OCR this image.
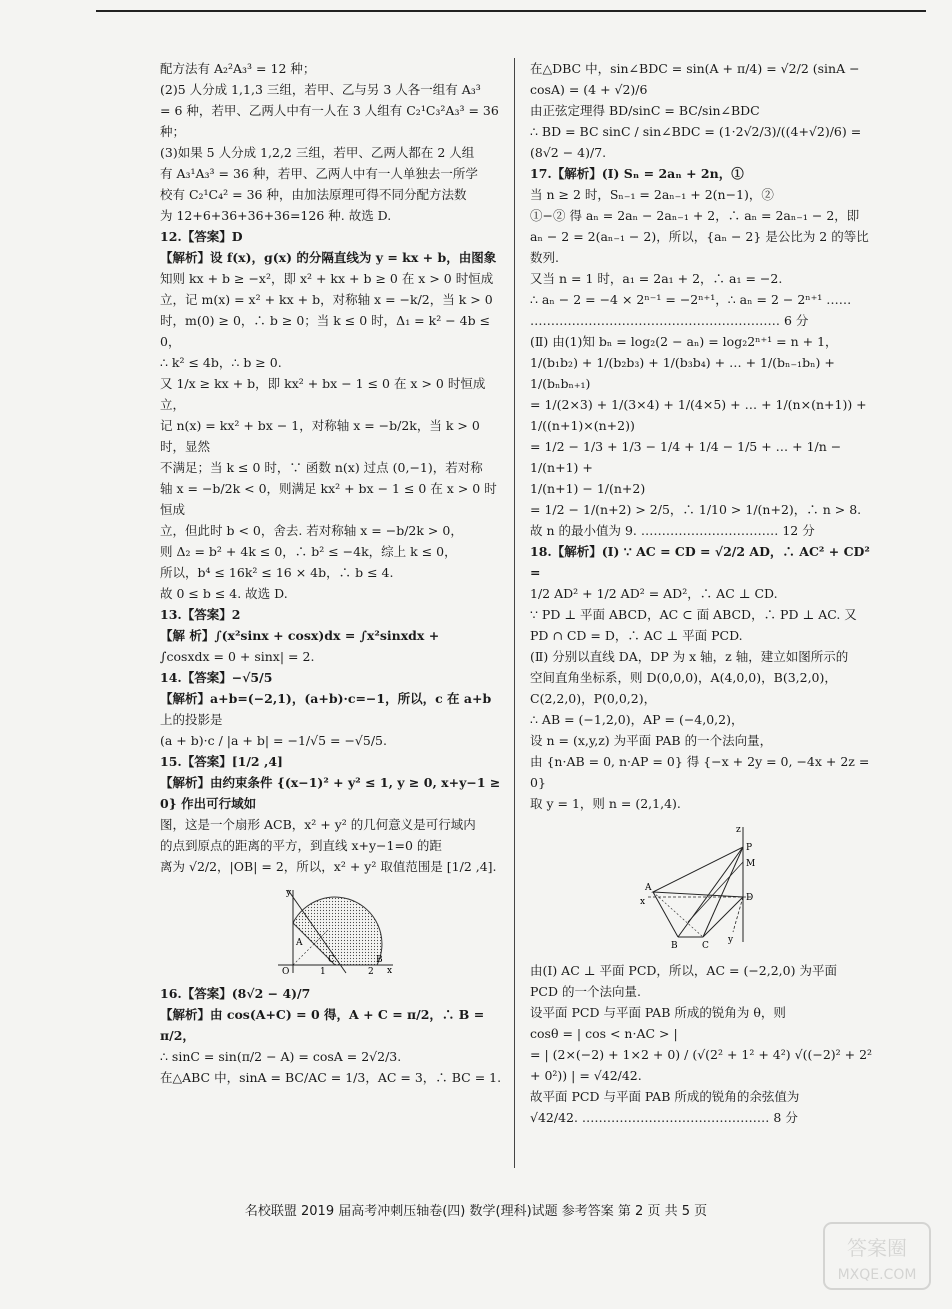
配方法有 A₂²A₃³ = 12 种；

(2)5 人分成 1,1,3 三组，若甲、乙与另 3 人各一组有 A₃³

= 6 种，若甲、乙两人中有一人在 3 人组有 C₂¹C₃²A₃³ = 36

种；

(3)如果 5 人分成 1,2,2 三组，若甲、乙两人都在 2 人组

有 A₃¹A₃³ = 36 种，若甲、乙两人中有一人单独去一所学

校有 C₂¹C₄² = 36 种，由加法原理可得不同分配方法数

为 12+6+36+36+36=126 种. 故选 D.

12.【答案】D

【解析】设 f(x)，g(x) 的分隔直线为 y = kx + b，由图象

知则 kx + b ≥ −x²，即 x² + kx + b ≥ 0 在 x > 0 时恒成

立，记 m(x) = x² + kx + b，对称轴 x = −k/2，当 k > 0

时，m(0) ≥ 0，∴ b ≥ 0；当 k ≤ 0 时，Δ₁ = k² − 4b ≤ 0，

∴ k² ≤ 4b，∴ b ≥ 0.

又 1/x ≥ kx + b，即 kx² + bx − 1 ≤ 0 在 x > 0 时恒成立，

记 n(x) = kx² + bx − 1，对称轴 x = −b/2k，当 k > 0 时，显然

不满足；当 k ≤ 0 时，∵ 函数 n(x) 过点 (0,−1)，若对称

轴 x = −b/2k < 0，则满足 kx² + bx − 1 ≤ 0 在 x > 0 时恒成

立，但此时 b < 0，舍去. 若对称轴 x = −b/2k > 0，

则 Δ₂ = b² + 4k ≤ 0，∴ b² ≤ −4k，综上 k ≤ 0，

所以，b⁴ ≤ 16k² ≤ 16 × 4b，∴ b ≤ 4.

故 0 ≤ b ≤ 4. 故选 D.

13.【答案】2

【解 析】∫(x²sinx + cosx)dx = ∫x²sinxdx +

∫cosxdx = 0 + sinx| = 2.

14.【答案】−√5/5

【解析】a+b=(−2,1)，(a+b)·c=−1，所以，c 在 a+b

上的投影是

(a + b)·c / |a + b| = −1/√5 = −√5/5.

15.【答案】[1/2 ,4]

【解析】由约束条件 {(x−1)² + y² ≤ 1, y ≥ 0, x+y−1 ≥ 0} 作出可行域如

图，这是一个扇形 ACB，x² + y² 的几何意义是可行域内

的点到原点的距离的平方，到直线 x+y−1=0 的距

离为 √2/2，|OB| = 2，所以，x² + y² 取值范围是 [1/2 ,4].

y
x
O
A
C
1	2
B

16.【答案】(8√2 − 4)/7

【解析】由 cos(A+C) = 0 得，A + C = π/2，∴ B = π/2，

∴ sinC = sin(π/2 − A) = cosA = 2√2/3.

在△ABC 中，sinA = BC/AC = 1/3，AC = 3，∴ BC = 1.

在△DBC 中，sin∠BDC = sin(A + π/4) = √2/2 (sinA −

cosA) = (4 + √2)/6

由正弦定理得 BD/sinC = BC/sin∠BDC

∴ BD = BC sinC / sin∠BDC = (1·2√2/3)/((4+√2)/6) = (8√2 − 4)/7.

17.【解析】(Ⅰ) Sₙ = 2aₙ + 2n，①

当 n ≥ 2 时，Sₙ₋₁ = 2aₙ₋₁ + 2(n−1)，②

①−② 得 aₙ = 2aₙ − 2aₙ₋₁ + 2，∴ aₙ = 2aₙ₋₁ − 2，即

aₙ − 2 = 2(aₙ₋₁ − 2)，所以，{aₙ − 2} 是公比为 2 的等比

数列.

又当 n = 1 时，a₁ = 2a₁ + 2，∴ a₁ = −2.

∴ aₙ − 2 = −4 × 2ⁿ⁻¹ = −2ⁿ⁺¹，∴ aₙ = 2 − 2ⁿ⁺¹ ……

…………………………………………………… 6 分

(Ⅱ) 由(1)知 bₙ = log₂(2 − aₙ) = log₂2ⁿ⁺¹ = n + 1，

1/(b₁b₂) + 1/(b₂b₃) + 1/(b₃b₄) + … + 1/(bₙ₋₁bₙ) + 1/(bₙbₙ₊₁)

= 1/(2×3) + 1/(3×4) + 1/(4×5) + … + 1/(n×(n+1)) +

1/((n+1)×(n+2))

= 1/2 − 1/3 + 1/3 − 1/4 + 1/4 − 1/5 + … + 1/n − 1/(n+1) +

1/(n+1) − 1/(n+2)

= 1/2 − 1/(n+2) > 2/5，∴ 1/10 > 1/(n+2)，∴ n > 8.

故 n 的最小值为 9. …………………………… 12 分

18.【解析】(Ⅰ) ∵ AC = CD = √2/2 AD，∴ AC² + CD² =

1/2 AD² + 1/2 AD² = AD²，∴ AC ⊥ CD.

∵ PD ⊥ 平面 ABCD，AC ⊂ 面 ABCD，∴ PD ⊥ AC. 又

PD ∩ CD = D，∴ AC ⊥ 平面 PCD.

(Ⅱ) 分别以直线 DA，DP 为 x 轴，z 轴，建立如图所示的

空间直角坐标系，则 D(0,0,0)，A(4,0,0)，B(3,2,0)，

C(2,2,0)，P(0,0,2)，

∴ AB = (−1,2,0)，AP = (−4,0,2)，

设 n = (x,y,z) 为平面 PAB 的一个法向量，

由 {n·AB = 0, n·AP = 0} 得 {−x + 2y = 0, −4x + 2z = 0}

取 y = 1，则 n = (2,1,4).

z
x
y
P
M
A
D
B	C

由(Ⅰ) AC ⊥ 平面 PCD，所以，AC = (−2,2,0) 为平面

PCD 的一个法向量.

设平面 PCD 与平面 PAB 所成的锐角为 θ，则

cosθ = | cos < n·AC > |

= | (2×(−2) + 1×2 + 0) / (√(2² + 1² + 4²) √((−2)² + 2² + 0²)) | = √42/42.

故平面 PCD 与平面 PAB 所成的锐角的余弦值为

√42/42. ……………………………………… 8 分

名校联盟 2019 届高考冲刺压轴卷(四) 数学(理科)试题 参考答案 第 2 页 共 5 页
答案圈
MXQE.COM
